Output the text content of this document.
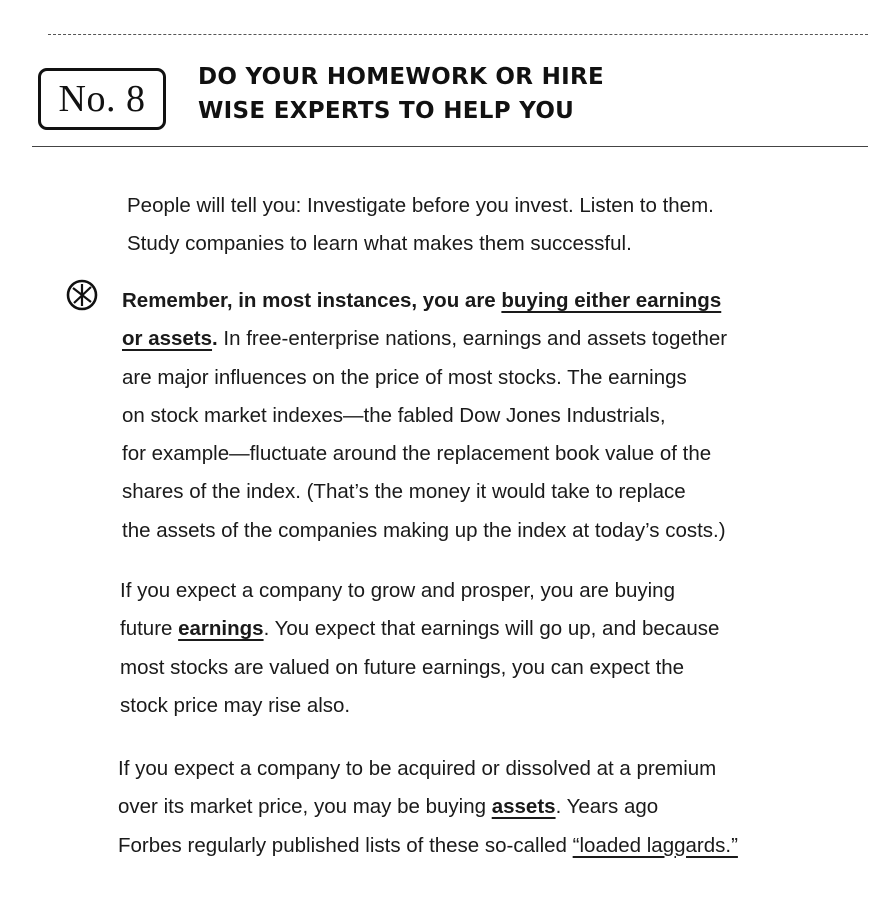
No. 8
DO YOUR HOMEWORK OR HIRE
WISE EXPERTS TO HELP YOU
People will tell you: Investigate before you invest. Listen to them.
Study companies to learn what makes them successful.
Remember, in most instances, you are buying either earnings
or assets. In free-enterprise nations, earnings and assets together
are major influences on the price of most stocks. The earnings
on stock market indexes—the fabled Dow Jones Industrials,
for example—fluctuate around the replacement book value of the
shares of the index. (That’s the money it would take to replace
the assets of the companies making up the index at today’s costs.)
If you expect a company to grow and prosper, you are buying
future earnings. You expect that earnings will go up, and because
most stocks are valued on future earnings, you can expect the
stock price may rise also.
If you expect a company to be acquired or dissolved at a premium
over its market price, you may be buying assets. Years ago
Forbes regularly published lists of these so-called “loaded laggards.”
